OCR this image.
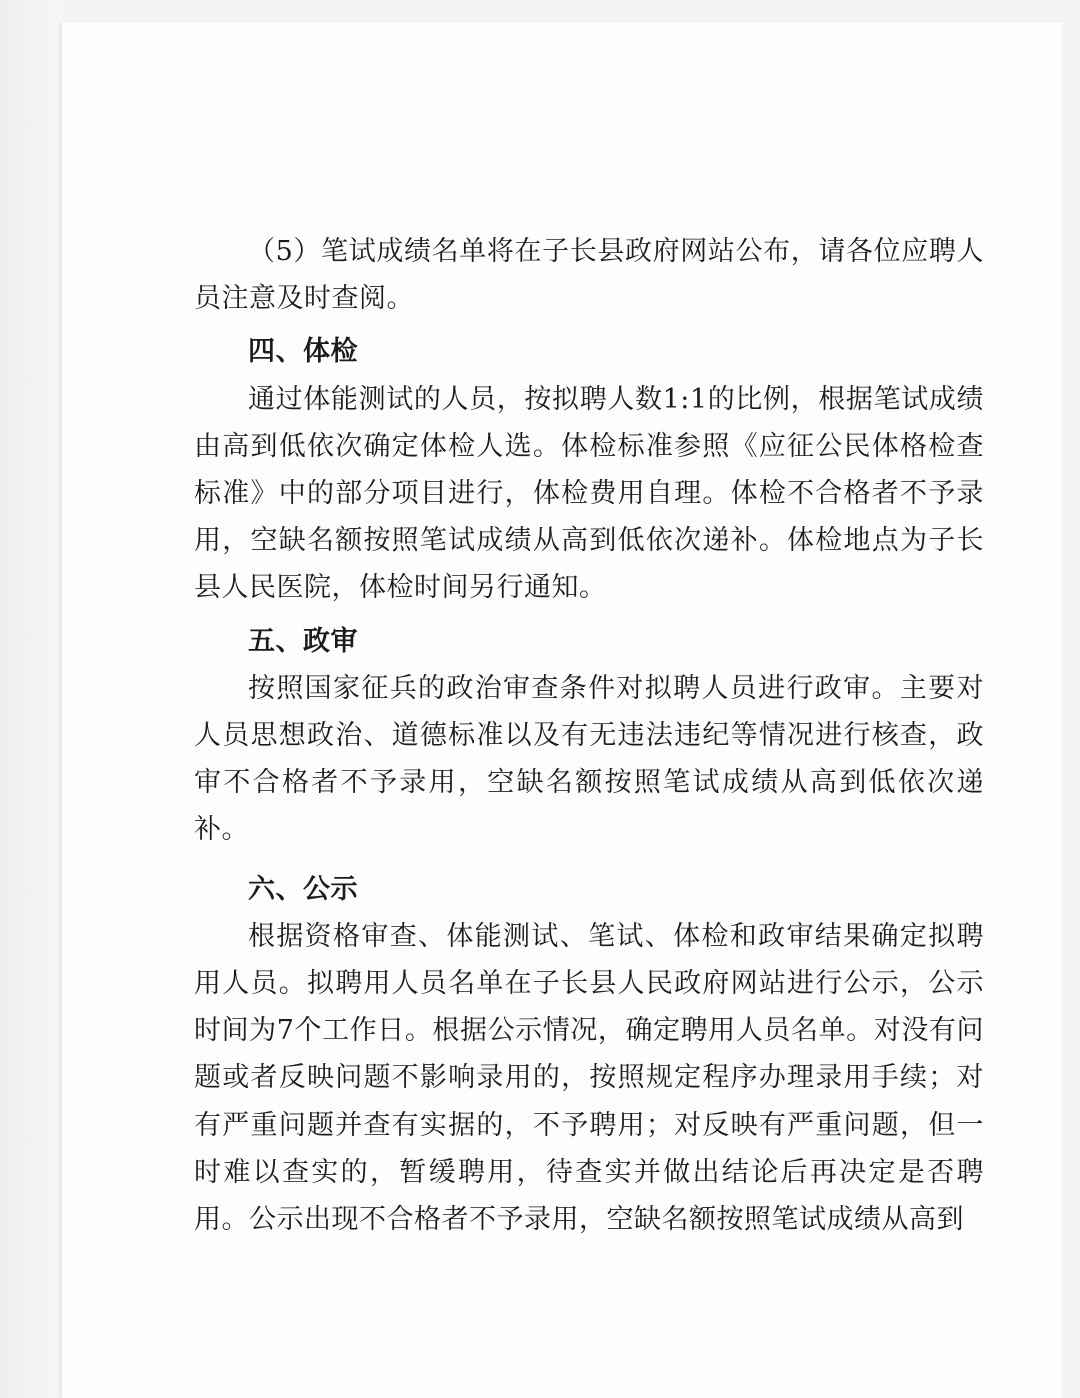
（5）笔试成绩名单将在子长县政府网站公布，请各位应聘人员注意及时查阅。

四、体检

通过体能测试的人员，按拟聘人数1:1的比例，根据笔试成绩由高到低依次确定体检人选。体检标准参照《应征公民体格检查标准》中的部分项目进行，体检费用自理。体检不合格者不予录用，空缺名额按照笔试成绩从高到低依次递补。体检地点为子长县人民医院，体检时间另行通知。

五、政审

按照国家征兵的政治审查条件对拟聘人员进行政审。主要对人员思想政治、道德标准以及有无违法违纪等情况进行核查，政审不合格者不予录用，空缺名额按照笔试成绩从高到低依次递补。

六、公示

根据资格审查、体能测试、笔试、体检和政审结果确定拟聘用人员。拟聘用人员名单在子长县人民政府网站进行公示，公示时间为7个工作日。根据公示情况，确定聘用人员名单。对没有问题或者反映问题不影响录用的，按照规定程序办理录用手续；对有严重问题并查有实据的，不予聘用；对反映有严重问题，但一时难以查实的，暂缓聘用，待查实并做出结论后再决定是否聘用。公示出现不合格者不予录用，空缺名额按照笔试成绩从高到
